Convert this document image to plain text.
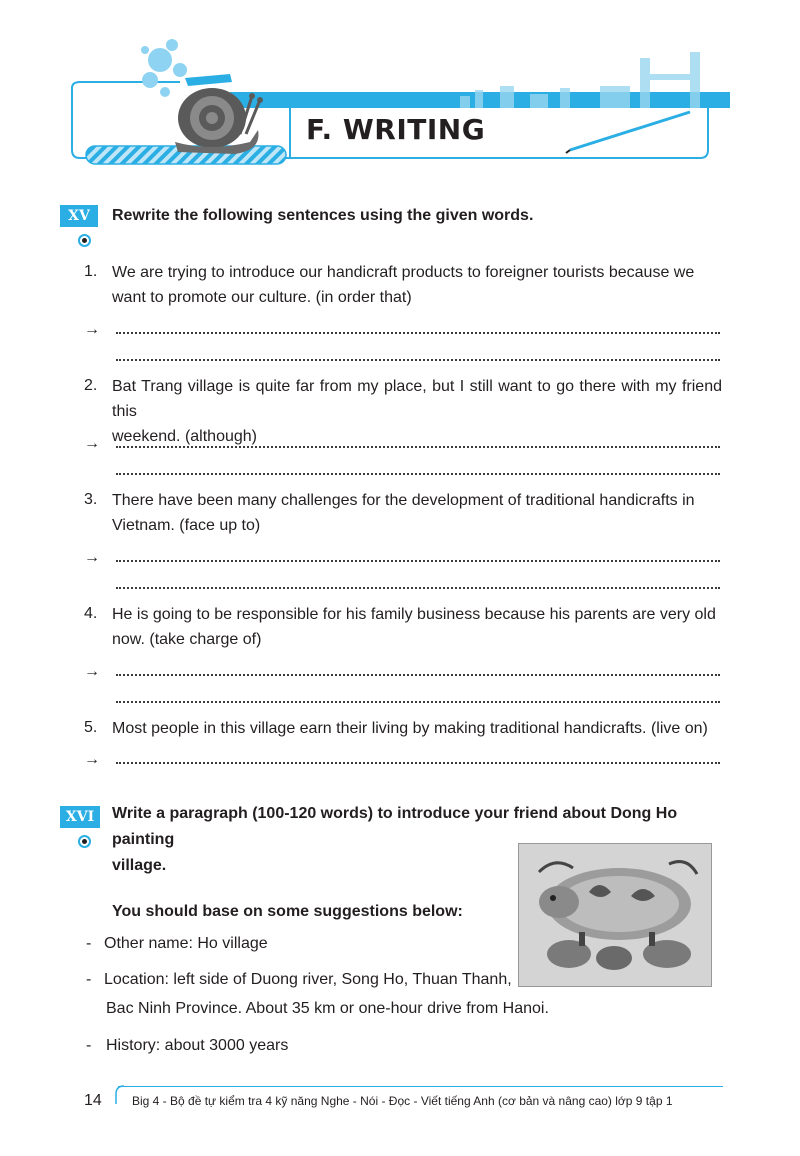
F. WRITING
XV	Rewrite the following sentences using the given words.
1. We are trying to introduce our handicraft products to foreigner tourists because we
want to promote our culture. (in order that)
→
2. Bat Trang village is quite far from my place, but I still want to go there with my friend this
weekend. (although)
→
3. There have been many challenges for the development of traditional handicrafts in
Vietnam. (face up to)
→
4. He is going to be responsible for his family business because his parents are very old
now. (take charge of)
→
5. Most people in this village earn their living by making traditional handicrafts. (live on)
→
XVI	Write a paragraph (100-120 words) to introduce your friend about Dong Ho painting
village.
You should base on some suggestions below:
- Other name: Ho village
- Location: left side of Duong river, Song Ho, Thuan Thanh,
Bac Ninh Province. About 35 km or one-hour drive from Hanoi.
- History: about 3000 years
14	Big 4 - Bộ đề tự kiểm tra 4 kỹ năng Nghe - Nói - Đọc - Viết tiếng Anh (cơ bản và nâng cao) lớp 9 tập 1
